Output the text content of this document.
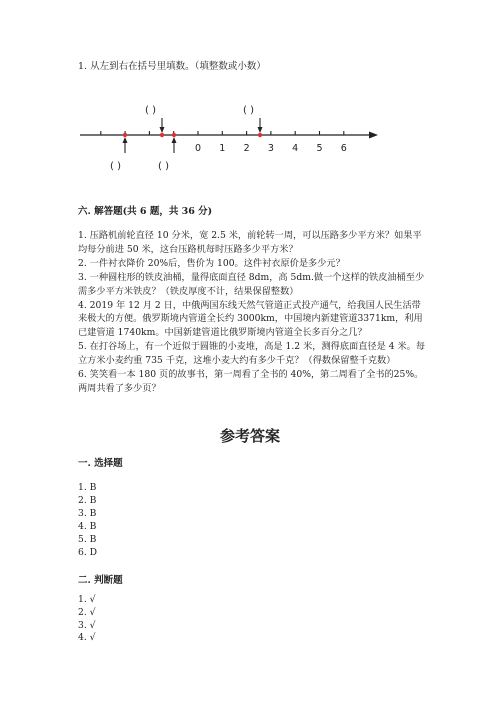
1. 从左到右在括号里填数。（填整数或小数）
0 1 2 3 4 5 6
( )	( )
( )	( )
六. 解答题(共 6 题，共 36 分)
1. 压路机前轮直径 10 分米，宽 2.5 米，前轮转一周，可以压路多少平方米？如果平均每分前进 50 米，这台压路机每时压路多少平方米？
2. 一件衬衣降价 20%后，售价为 100。这件衬衣原价是多少元？
3. 一种圆柱形的铁皮油桶，量得底面直径 8dm，高 5dm.做一个这样的铁皮油桶至少需多少平方米铁皮？（铁皮厚度不计，结果保留整数）
4. 2019 年 12 月 2 日，中俄两国东线天然气管道正式投产通气，给我国人民生活带来极大的方便。俄罗斯境内管道全长约 3000km，中国境内新建管道3371km，利用已建管道 1740km。中国新建管道比俄罗斯境内管道全长多百分之几？
5. 在打谷场上，有一个近似于圆锥的小麦堆，高是 1.2 米，测得底面直径是 4 米。每立方米小麦约重 735 千克，这堆小麦大约有多少千克？（得数保留整千克数）
6. 笑笑看一本 180 页的故事书，第一周看了全书的 40%，第二周看了全书的25%。两周共看了多少页？
参考答案
一. 选择题
1. B
2. B
3. B
4. B
5. B
6. D
二. 判断题
1. √
2. √
3. √
4. √
